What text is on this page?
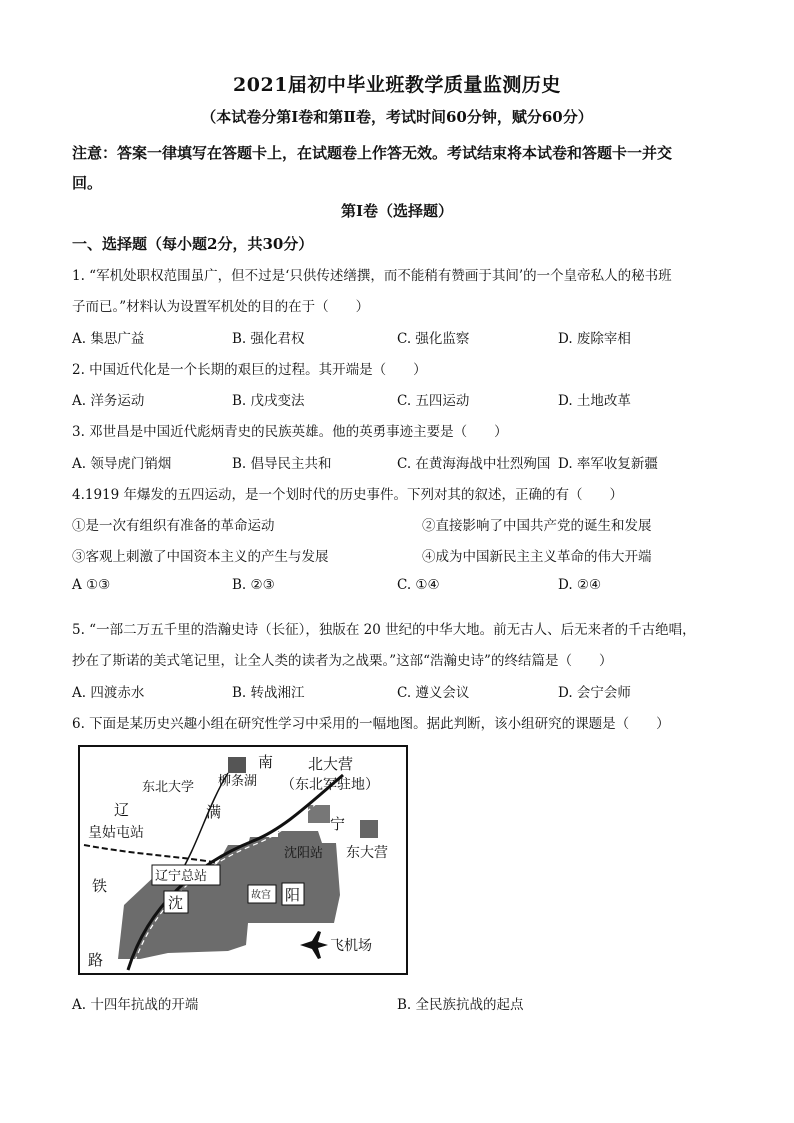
2021届初中毕业班教学质量监测历史
（本试卷分第Ⅰ卷和第Ⅱ卷，考试时间60分钟，赋分60分）
注意：答案一律填写在答题卡上，在试题卷上作答无效。考试结束将本试卷和答题卡一并交
回。
第Ⅰ卷（选择题）
一、选择题（每小题2分，共30分）
1. “军机处职权范围虽广，但不过是‘只供传述缮撰，而不能稍有赞画于其间’的一个皇帝私人的秘书班
子而已。”材料认为设置军机处的目的在于（　　）
A. 集思广益	B. 强化君权	C. 强化监察	D. 废除宰相
2. 中国近代化是一个长期的艰巨的过程。其开端是（　　）
A. 洋务运动	B. 戊戌变法	C. 五四运动	D. 土地改革
3. 邓世昌是中国近代彪炳青史的民族英雄。他的英勇事迹主要是（　　）
A. 领导虎门销烟	B. 倡导民主共和	C. 在黄海海战中壮烈殉国 D. 率军收复新疆
4.1919 年爆发的五四运动，是一个划时代的历史事件。下列对其的叙述，正确的有（　　）
①是一次有组织有准备的革命运动	②直接影响了中国共产党的诞生和发展
③客观上刺激了中国资本主义的产生与发展	④成为中国新民主主义革命的伟大开端
A ①③	B. ②③	C. ①④	D. ②④
5. “一部二万五千里的浩瀚史诗（长征），独版在 20 世纪的中华大地。前无古人、后无来者的千古绝唱，
抄在了斯诺的美式笔记里，让全人类的读者为之战栗。”这部“浩瀚史诗”的终结篇是（　　）
A. 四渡赤水	B. 转战湘江	C. 遵义会议	D. 会宁会师
6. 下面是某历史兴趣小组在研究性学习中采用的一幅地图。据此判断，该小组研究的课题是（　　）
南 北大营
（东北军驻地）
柳条湖
东北大学
辽	满
宁
皇姑屯站
沈阳站 东大营
铁
辽宁总站
沈	故宫 阳
路
飞机场
A. 十四年抗战的开端	B. 全民族抗战的起点
